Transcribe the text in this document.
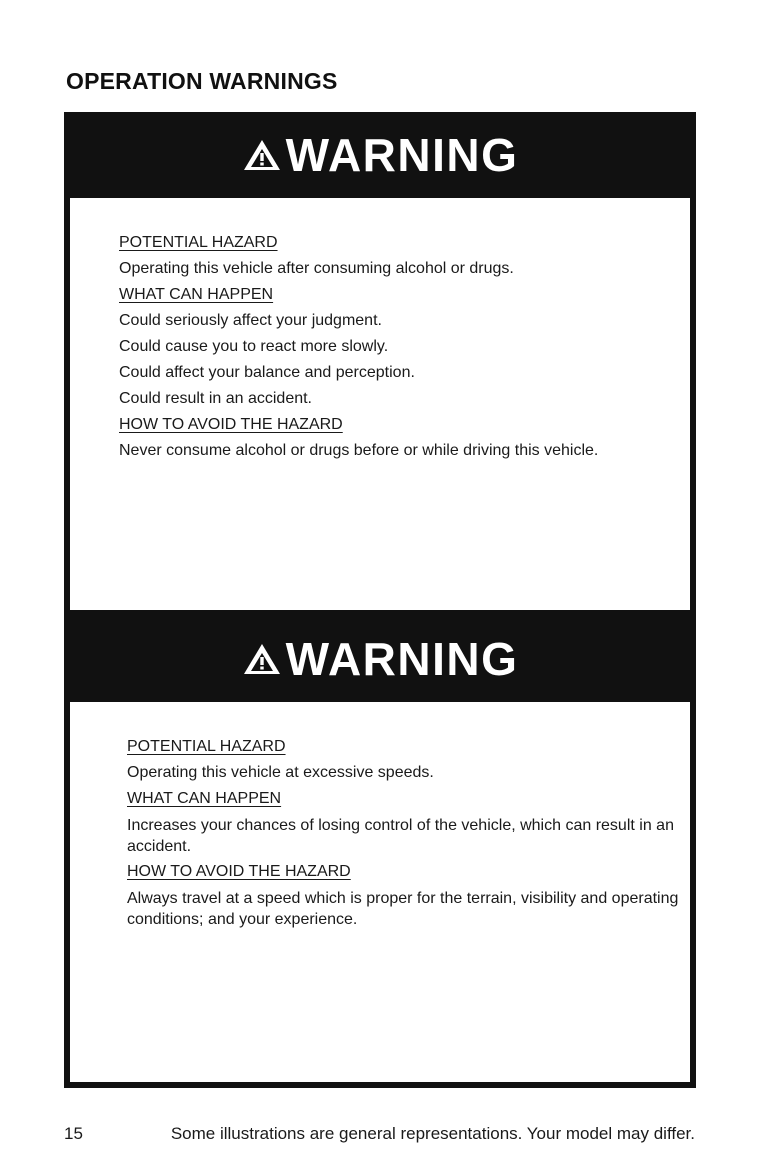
OPERATION WARNINGS
WARNING

POTENTIAL HAZARD

Operating this vehicle after consuming alcohol or drugs.

WHAT CAN HAPPEN

Could seriously affect your judgment.

Could cause you to react more slowly.

Could affect your balance and perception.

Could result in an accident.

HOW TO AVOID THE HAZARD

Never consume alcohol or drugs before or while driving this vehicle.

WARNING

POTENTIAL HAZARD

Operating this vehicle at excessive speeds.

WHAT CAN HAPPEN

Increases your chances of losing control of the vehicle, which can result in an accident.

HOW TO AVOID THE HAZARD

Always travel at a speed which is proper for the terrain, visibility and operating conditions; and your experience.

15	Some illustrations are general representations. Your model may differ.
